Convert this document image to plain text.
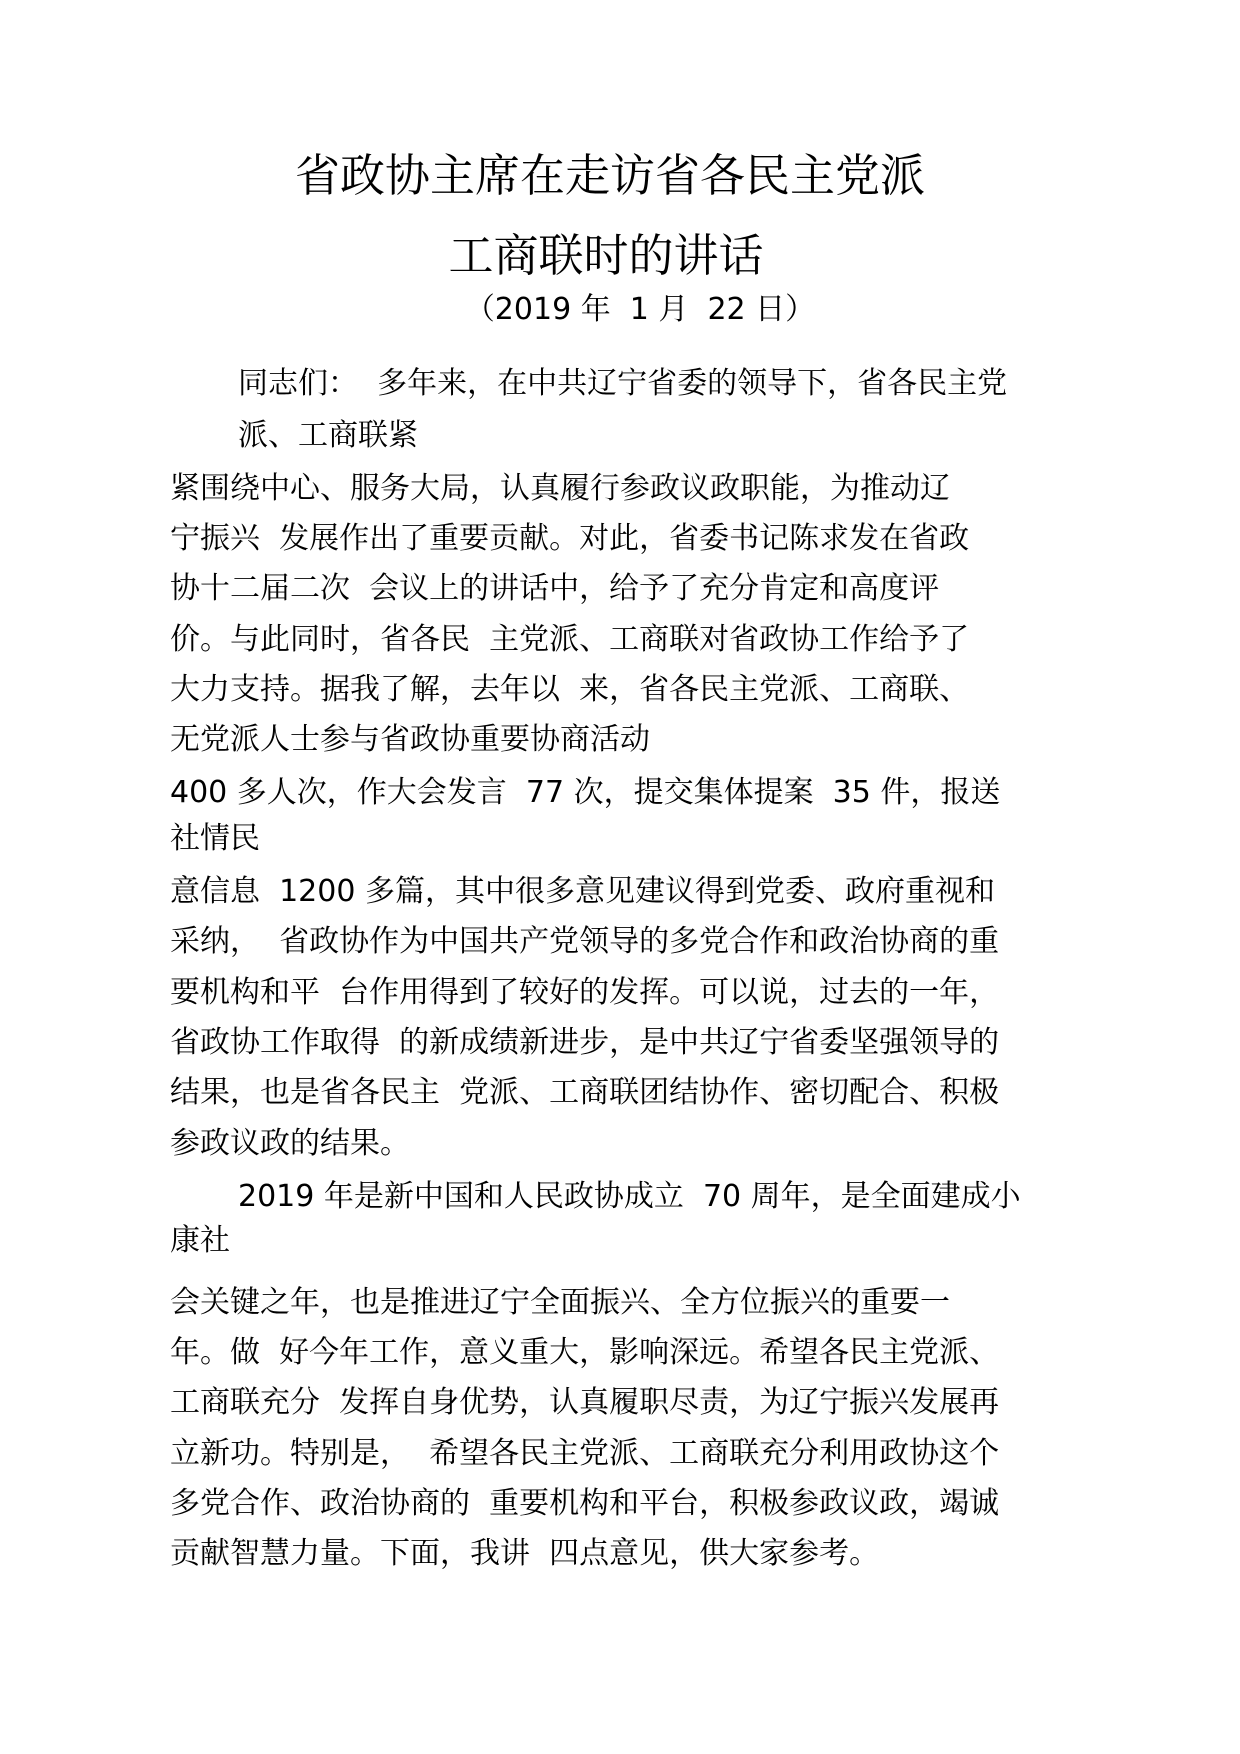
省政协主席在走访省各民主党派
工商联时的讲话
（2019 年  1 月  22 日）
同志们：  多年来，在中共辽宁省委的领导下，省各民主党
派、工商联紧
紧围绕中心、服务大局，认真履行参政议政职能，为推动辽
宁振兴  发展作出了重要贡献。对此，省委书记陈求发在省政
协十二届二次  会议上的讲话中，给予了充分肯定和高度评
价。与此同时，省各民  主党派、工商联对省政协工作给予了
大力支持。据我了解，去年以  来，省各民主党派、工商联、
无党派人士参与省政协重要协商活动
400 多人次，作大会发言  77 次，提交集体提案  35 件，报送
社情民
意信息  1200 多篇，其中很多意见建议得到党委、政府重视和
采纳，  省政协作为中国共产党领导的多党合作和政治协商的重
要机构和平  台作用得到了较好的发挥。可以说，过去的一年，
省政协工作取得  的新成绩新进步，是中共辽宁省委坚强领导的
结果，也是省各民主  党派、工商联团结协作、密切配合、积极
参政议政的结果。
2019 年是新中国和人民政协成立  70 周年，是全面建成小
康社
会关键之年，也是推进辽宁全面振兴、全方位振兴的重要一
年。做  好今年工作，意义重大，影响深远。希望各民主党派、
工商联充分  发挥自身优势，认真履职尽责，为辽宁振兴发展再
立新功。特别是，  希望各民主党派、工商联充分利用政协这个
多党合作、政治协商的  重要机构和平台，积极参政议政，竭诚
贡献智慧力量。下面，我讲  四点意见，供大家参考。
